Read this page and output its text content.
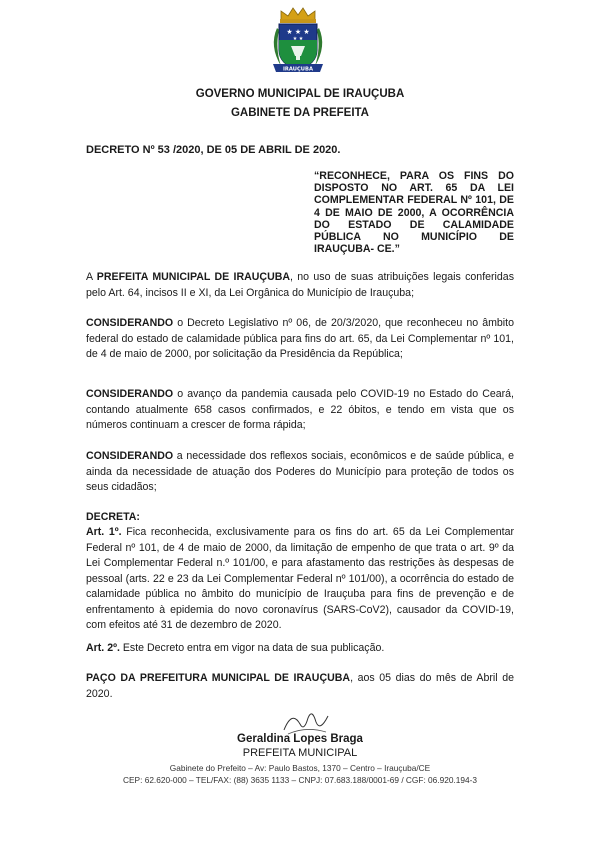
★ ★ ★
★ ★
IRAUÇUBA
GOVERNO MUNICIPAL DE IRAUÇUBA
GABINETE DA PREFEITA
DECRETO Nº 53 /2020, DE 05 DE ABRIL DE 2020.
“RECONHECE, PARA OS FINS DO DISPOSTO NO ART. 65 DA LEI COMPLEMENTAR FEDERAL Nº 101, DE 4 DE MAIO DE 2000, A OCORRÊNCIA DO ESTADO DE CALAMIDADE PÚBLICA NO MUNICÍPIO DE IRAUÇUBA- CE.”
A PREFEITA MUNICIPAL DE IRAUÇUBA, no uso de suas atribuições legais conferidas pelo Art. 64, incisos II e XI, da Lei Orgânica do Município de Irauçuba;
CONSIDERANDO o Decreto Legislativo nº 06, de 20/3/2020, que reconheceu no âmbito federal do estado de calamidade pública para fins do art. 65, da Lei Complementar nº 101, de 4 de maio de 2000, por solicitação da Presidência da República;
CONSIDERANDO o avanço da pandemia causada pelo COVID-19 no Estado do Ceará, contando atualmente 658 casos confirmados, e 22 óbitos, e tendo em vista que os números continuam a crescer de forma rápida;
CONSIDERANDO a necessidade dos reflexos sociais, econômicos e de saúde pública, e ainda da necessidade de atuação dos Poderes do Município para proteção de todos os seus cidadãos;
DECRETA:
Art. 1º. Fica reconhecida, exclusivamente para os fins do art. 65 da Lei Complementar Federal nº 101, de 4 de maio de 2000, da limitação de empenho de que trata o art. 9º da Lei Complementar Federal n.º 101/00, e para afastamento das restrições às despesas de pessoal (arts. 22 e 23 da Lei Complementar Federal nº 101/00), a ocorrência do estado de calamidade pública no âmbito do município de Irauçuba para fins de prevenção e de enfrentamento à epidemia do novo coronavírus (SARS-CoV2), causador da COVID-19, com efeitos até 31 de dezembro de 2020.
Art. 2º. Este Decreto entra em vigor na data de sua publicação.
PAÇO DA PREFEITURA MUNICIPAL DE IRAUÇUBA, aos 05 dias do mês de Abril de 2020.
Geraldina Lopes Braga
PREFEITA MUNICIPAL
Gabinete do Prefeito – Av: Paulo Bastos, 1370 – Centro – Irauçuba/CE
CEP: 62.620-000 – TEL/FAX: (88) 3635 1133 – CNPJ: 07.683.188/0001-69 / CGF: 06.920.194-3
